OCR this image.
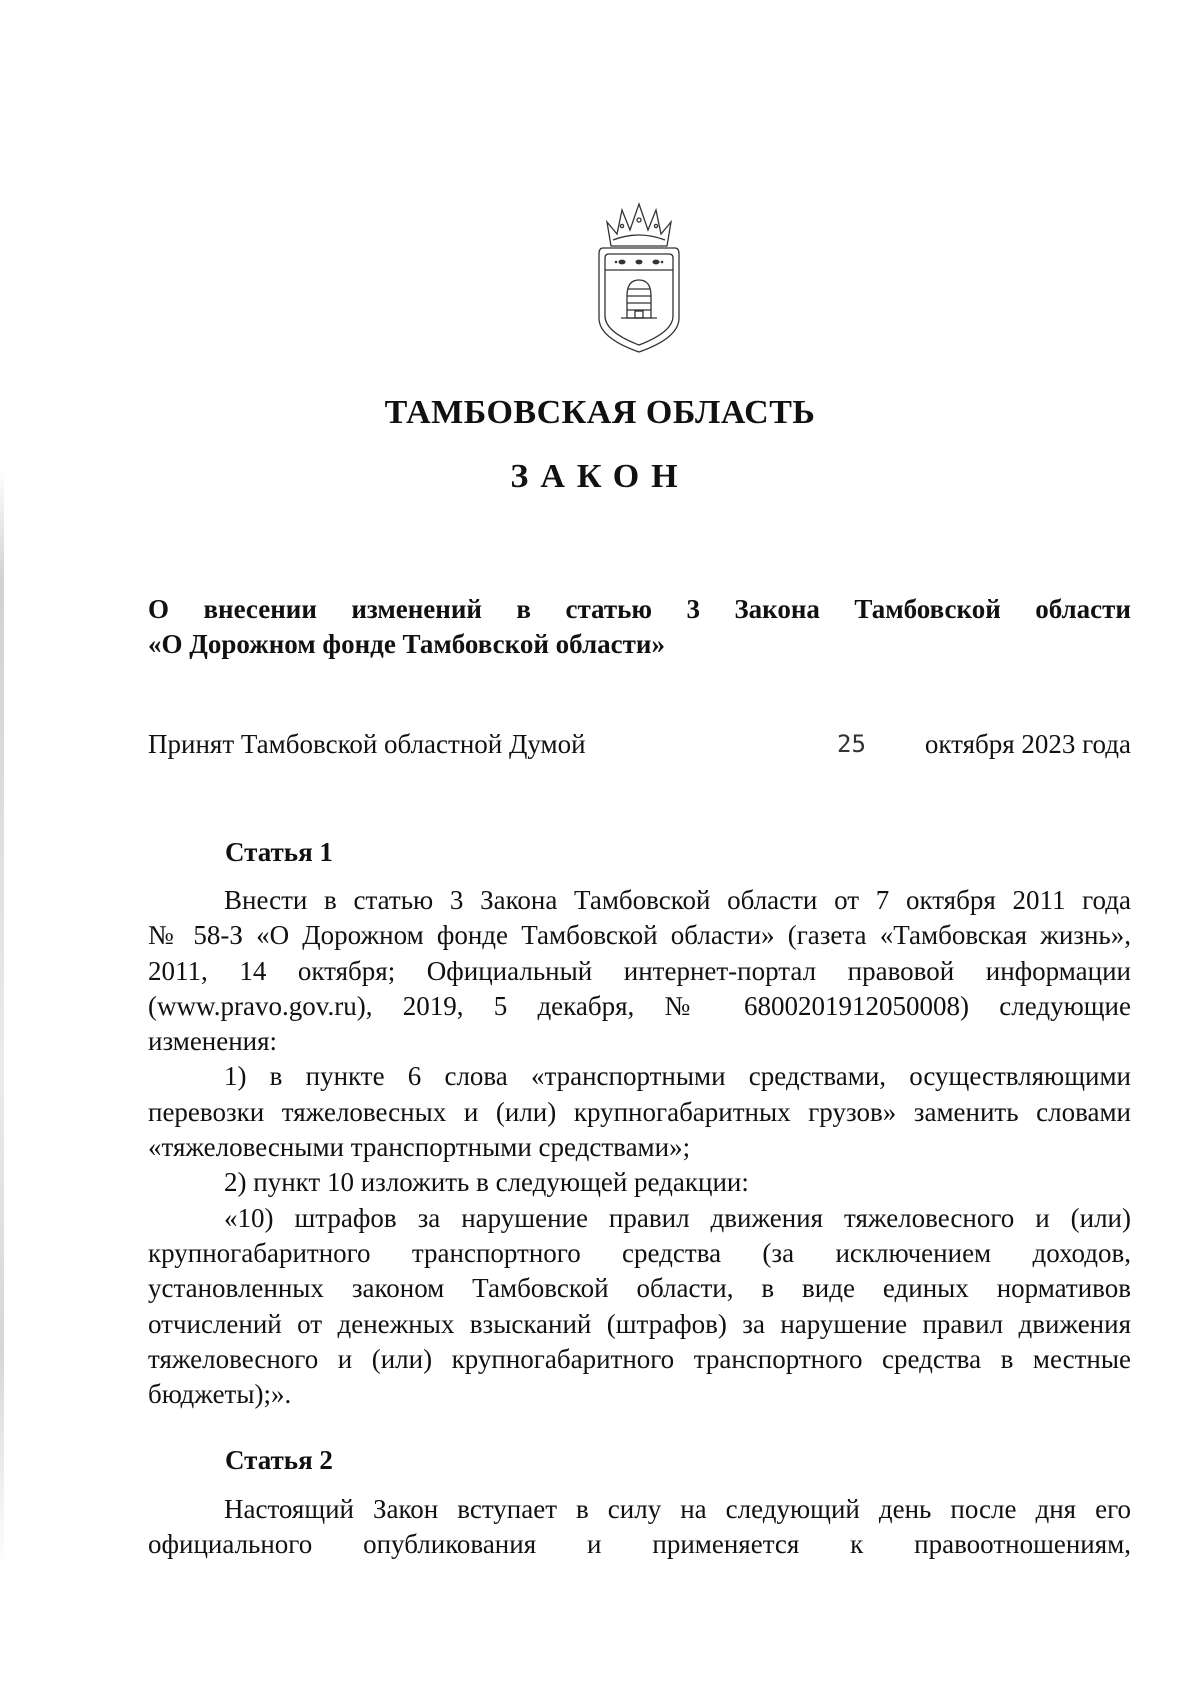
ТАМБОВСКАЯ ОБЛАСТЬ
ЗАКОН
О внесении изменений в статью 3 Закона Тамбовской области
«О Дорожном фонде Тамбовской области»
Принят Тамбовской областной Думой	25 октября 2023 года
Статья 1
Внести в статью 3 Закона Тамбовской области от 7 октября 2011 года
№ 58-З «О Дорожном фонде Тамбовской области» (газета «Тамбовская жизнь»,
2011, 14 октября; Официальный интернет-портал правовой информации
(www.pravo.gov.ru), 2019, 5 декабря, № 6800201912050008) следующие
изменения:
1) в пункте 6 слова «транспортными средствами, осуществляющими
перевозки тяжеловесных и (или) крупногабаритных грузов» заменить словами
«тяжеловесными транспортными средствами»;
2) пункт 10 изложить в следующей редакции:
«10) штрафов за нарушение правил движения тяжеловесного и (или)
крупногабаритного транспортного средства (за исключением доходов,
установленных законом Тамбовской области, в виде единых нормативов
отчислений от денежных взысканий (штрафов) за нарушение правил движения
тяжеловесного и (или) крупногабаритного транспортного средства в местные
бюджеты);».
Статья 2
Настоящий Закон вступает в силу на следующий день после дня его
официального опубликования и применяется к правоотношениям,
